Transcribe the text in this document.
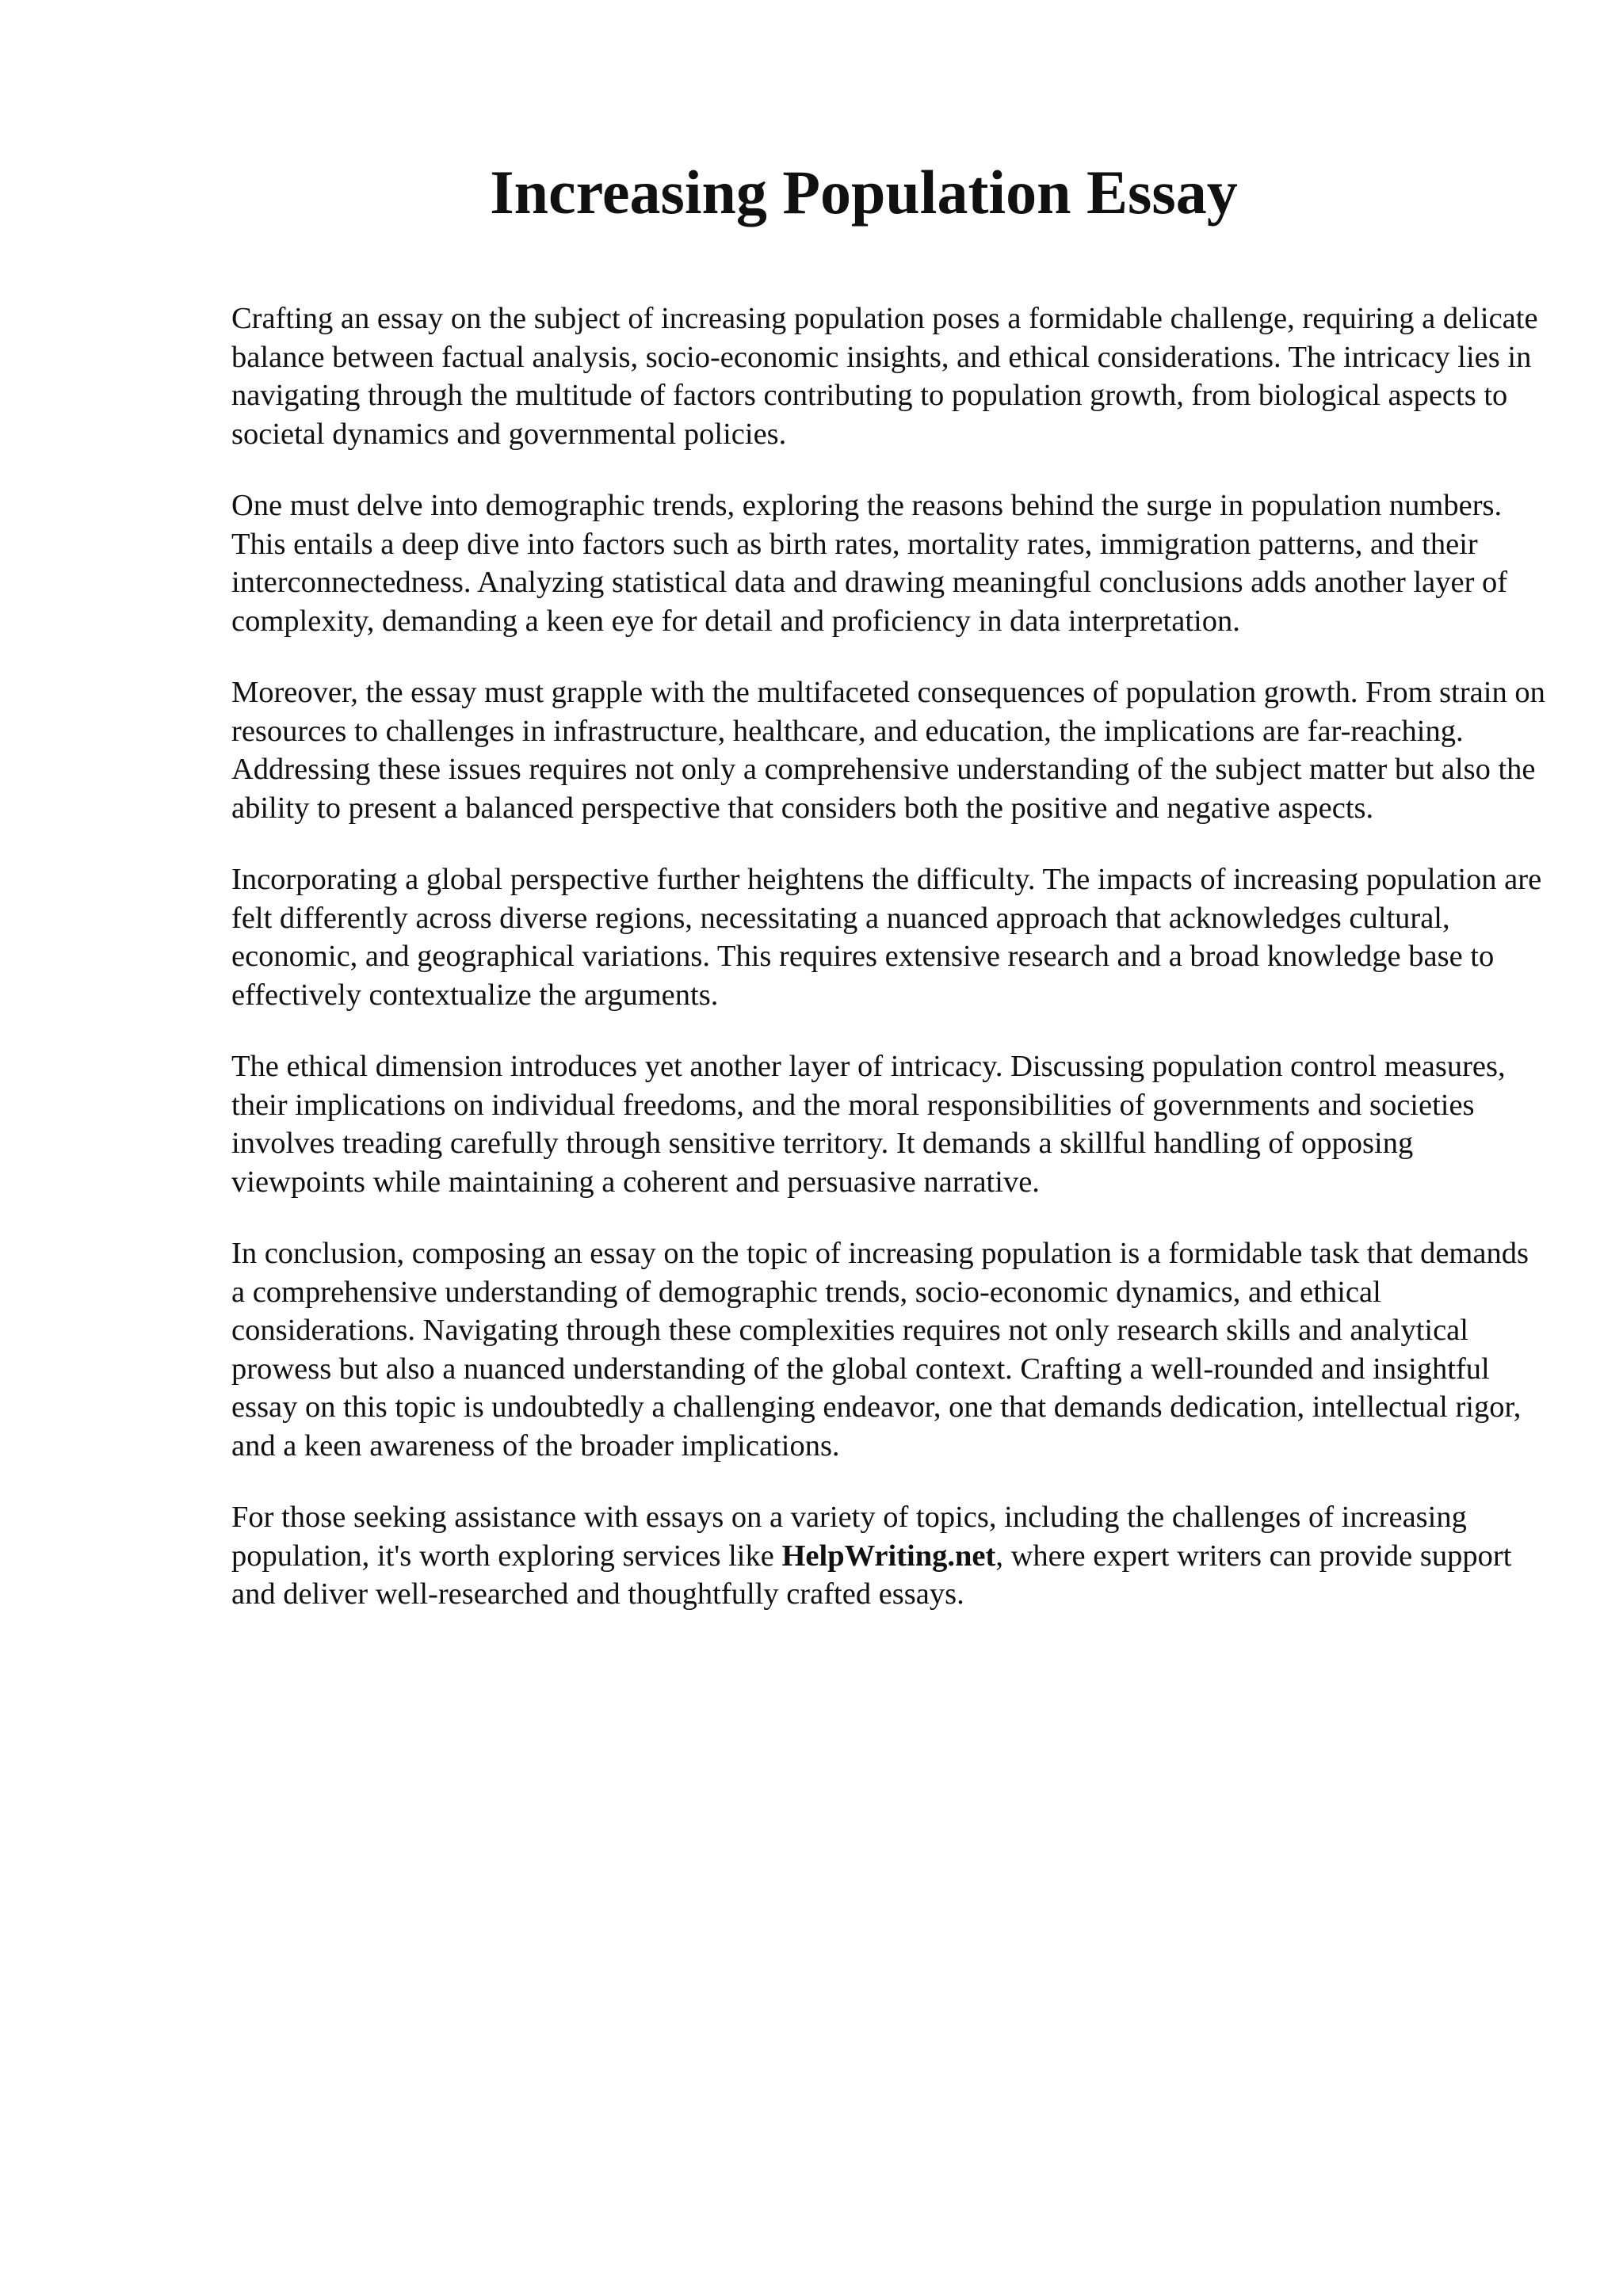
Increasing Population Essay

Crafting an essay on the subject of increasing population poses a formidable challenge, requiring a delicate balance between factual analysis, socio-economic insights, and ethical considerations. The intricacy lies in navigating through the multitude of factors contributing to population growth, from biological aspects to societal dynamics and governmental policies.

One must delve into demographic trends, exploring the reasons behind the surge in population numbers. This entails a deep dive into factors such as birth rates, mortality rates, immigration patterns, and their interconnectedness. Analyzing statistical data and drawing meaningful conclusions adds another layer of complexity, demanding a keen eye for detail and proficiency in data interpretation.

Moreover, the essay must grapple with the multifaceted consequences of population growth. From strain on resources to challenges in infrastructure, healthcare, and education, the implications are far-reaching. Addressing these issues requires not only a comprehensive understanding of the subject matter but also the ability to present a balanced perspective that considers both the positive and negative aspects.

Incorporating a global perspective further heightens the difficulty. The impacts of increasing population are felt differently across diverse regions, necessitating a nuanced approach that acknowledges cultural, economic, and geographical variations. This requires extensive research and a broad knowledge base to effectively contextualize the arguments.

The ethical dimension introduces yet another layer of intricacy. Discussing population control measures, their implications on individual freedoms, and the moral responsibilities of governments and societies involves treading carefully through sensitive territory. It demands a skillful handling of opposing viewpoints while maintaining a coherent and persuasive narrative.

In conclusion, composing an essay on the topic of increasing population is a formidable task that demands a comprehensive understanding of demographic trends, socio-economic dynamics, and ethical considerations. Navigating through these complexities requires not only research skills and analytical prowess but also a nuanced understanding of the global context. Crafting a well-rounded and insightful essay on this topic is undoubtedly a challenging endeavor, one that demands dedication, intellectual rigor, and a keen awareness of the broader implications.

For those seeking assistance with essays on a variety of topics, including the challenges of increasing population, it's worth exploring services like HelpWriting.net, where expert writers can provide support and deliver well-researched and thoughtfully crafted essays.
